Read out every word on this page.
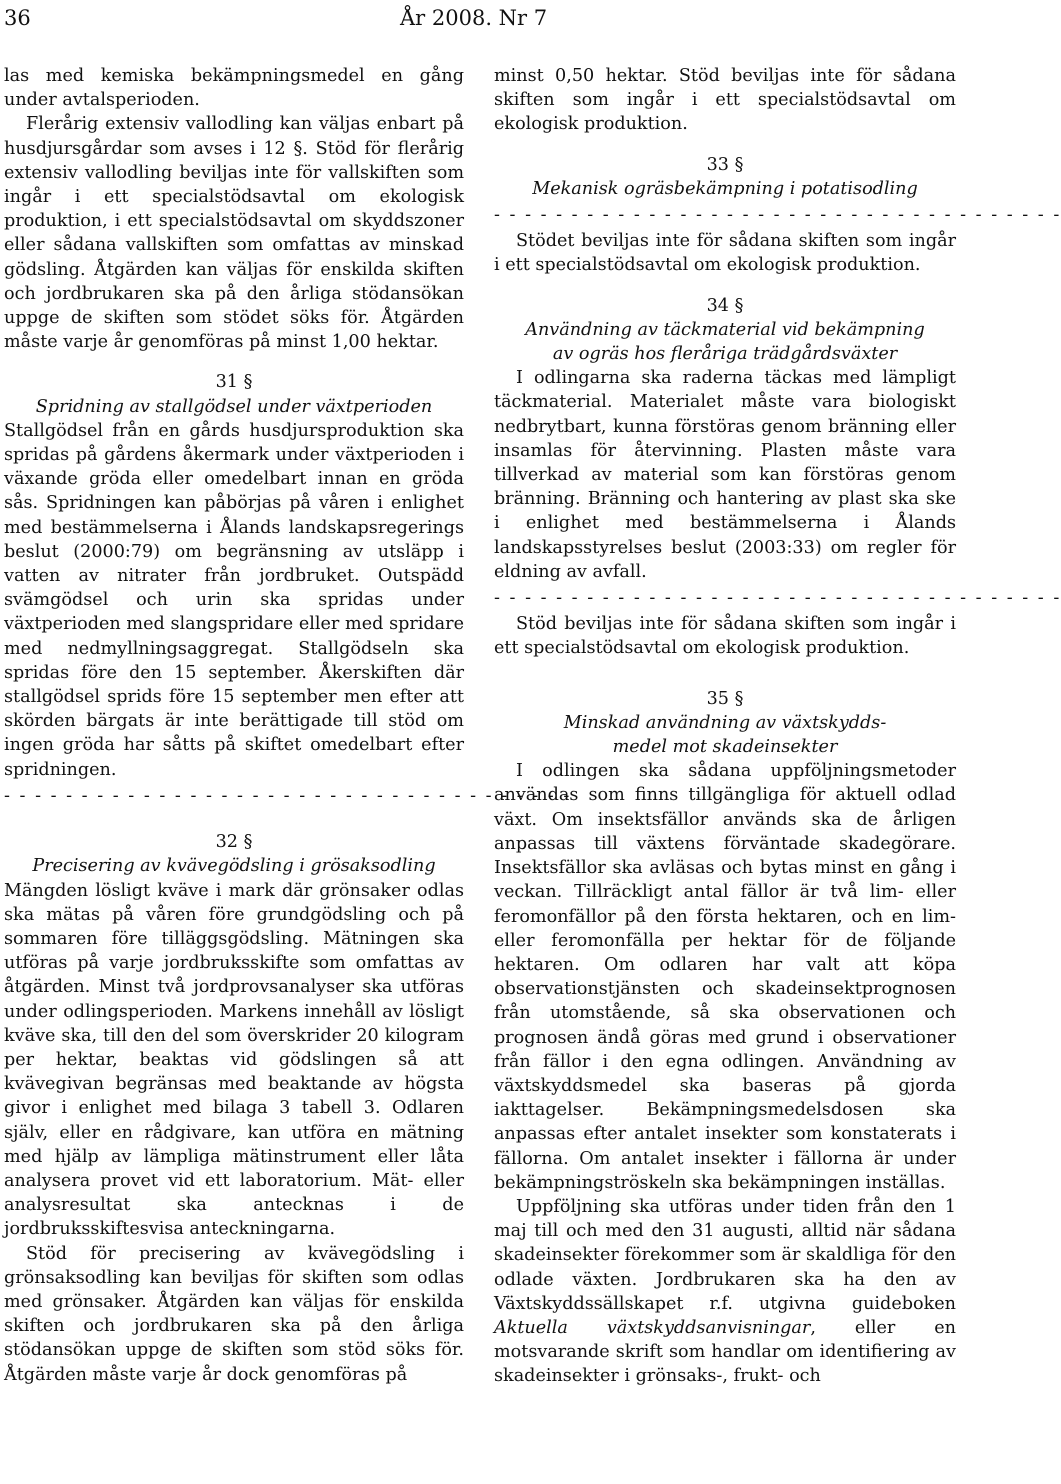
36	År 2008. Nr 7

las med kemiska bekämpningsmedel en gång under avtalsperioden.

Flerårig extensiv vallodling kan väljas enbart på husdjursgårdar som avses i 12 §. Stöd för flerårig extensiv vallodling beviljas inte för vallskiften som ingår i ett specialstödsavtal om ekologisk produktion, i ett specialstödsavtal om skyddszoner eller sådana vallskiften som omfattas av minskad gödsling. Åtgärden kan väljas för enskilda skiften och jordbrukaren ska på den årliga stödansökan uppge de skiften som stödet söks för. Åtgärden måste varje år genomföras på minst 1,00 hektar.

31 §
Spridning av stallgödsel under växtperioden

Stallgödsel från en gårds husdjursproduktion ska spridas på gårdens åkermark under växtperioden i växande gröda eller omedelbart innan en gröda sås. Spridningen kan påbörjas på våren i enlighet med bestämmelserna i Ålands landskapsregerings beslut (2000:79) om begränsning av utsläpp i vatten av nitrater från jordbruket. Outspädd svämgödsel och urin ska spridas under växtperioden med slangspridare eller med spridare med nedmyllningsaggregat. Stallgödseln ska spridas före den 15 september. Åkerskiften där stallgödsel sprids före 15 september men efter att skörden bärgats är inte berättigade till stöd om ingen gröda har såtts på skiftet omedelbart efter spridningen.

- - - - - - - - - - - - - - - - - - - - - - - - - - - - - - - - - - - - -
32 §
Precisering av kvävegödsling i grösaksodling

Mängden lösligt kväve i mark där grönsaker odlas ska mätas på våren före grundgödsling och på sommaren före tilläggsgödsling. Mätningen ska utföras på varje jordbruksskifte som omfattas av åtgärden. Minst två jordprovsanalyser ska utföras under odlingsperioden. Markens innehåll av lösligt kväve ska, till den del som överskrider 20 kilogram per hektar, beaktas vid gödslingen så att kvävegivan begränsas med beaktande av högsta givor i enlighet med bilaga 3 tabell 3. Odlaren själv, eller en rådgivare, kan utföra en mätning med hjälp av lämpliga mätinstrument eller låta analysera provet vid ett laboratorium. Mät- eller analysresultat ska antecknas i de jordbruksskiftesvisa anteckningarna.

Stöd för precisering av kvävegödsling i grönsaksodling kan beviljas för skiften som odlas med grönsaker. Åtgärden kan väljas för enskilda skiften och jordbrukaren ska på den årliga stödansökan uppge de skiften som stöd söks för. Åtgärden måste varje år dock genomföras på

minst 0,50 hektar. Stöd beviljas inte för sådana skiften som ingår i ett specialstödsavtal om ekologisk produktion.

33 §
Mekanisk ogräsbekämpning i potatisodling
- - - - - - - - - - - - - - - - - - - - - - - - - - - - - - - - - - - - -

Stödet beviljas inte för sådana skiften som ingår i ett specialstödsavtal om ekologisk produktion.

34 §
Användning av täckmaterial vid bekämpning
av ogräs hos fleråriga trädgårdsväxter

I odlingarna ska raderna täckas med lämpligt täckmaterial. Materialet måste vara biologiskt nedbrytbart, kunna förstöras genom bränning eller insamlas för återvinning. Plasten måste vara tillverkad av material som kan förstöras genom bränning. Bränning och hantering av plast ska ske i enlighet med bestämmelserna i Ålands landskapsstyrelses beslut (2003:33) om regler för eldning av avfall.

- - - - - - - - - - - - - - - - - - - - - - - - - - - - - - - - - - - - -

Stöd beviljas inte för sådana skiften som ingår i ett specialstödsavtal om ekologisk produktion.

35 §
Minskad användning av växtskydds-
medel mot skadeinsekter

I odlingen ska sådana uppföljningsmetoder användas som finns tillgängliga för aktuell odlad växt. Om insektsfällor används ska de årligen anpassas till växtens förväntade skadegörare. Insektsfällor ska avläsas och bytas minst en gång i veckan. Tillräckligt antal fällor är två lim- eller feromonfällor på den första hektaren, och en lim- eller feromonfälla per hektar för de följande hektaren. Om odlaren har valt att köpa observationstjänsten och skadeinsektprognosen från utomstående, så ska observationen och prognosen ändå göras med grund i observationer från fällor i den egna odlingen. Användning av växtskyddsmedel ska baseras på gjorda iakttagelser. Bekämpningsmedelsdosen ska anpassas efter antalet insekter som konstaterats i fällorna. Om antalet insekter i fällorna är under bekämpningströskeln ska bekämpningen inställas.

Uppföljning ska utföras under tiden från den 1 maj till och med den 31 augusti, alltid när sådana skadeinsekter förekommer som är skaldliga för den odlade växten. Jordbrukaren ska ha den av Växtskyddssällskapet r.f. utgivna guideboken Aktuella växtskyddsanvisningar, eller en motsvarande skrift som handlar om identifiering av skadeinsekter i grönsaks-, frukt- och
